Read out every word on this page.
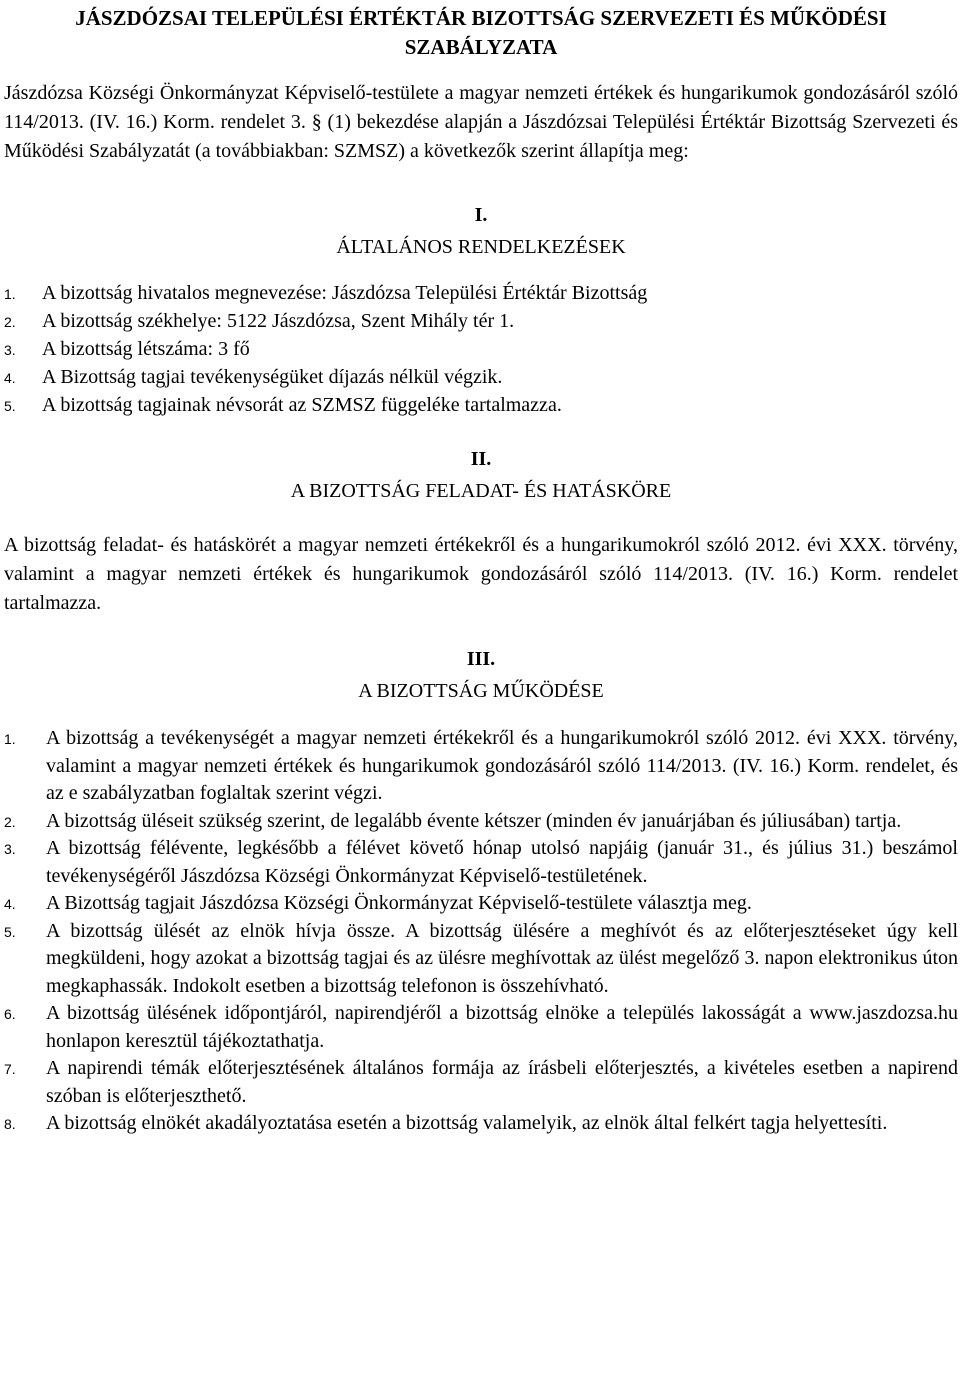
JÁSZDÓZSAI TELEPÜLÉSI ÉRTÉKTÁR BIZOTTSÁG SZERVEZETI ÉS MŰKÖDÉSI SZABÁLYZATA

Jászdózsa Községi Önkormányzat Képviselő-testülete a magyar nemzeti értékek és hungarikumok gondozásáról szóló 114/2013. (IV. 16.) Korm. rendelet 3. § (1) bekezdése alapján a Jászdózsai Települési Értéktár Bizottság Szervezeti és Működési Szabályzatát (a továbbiakban: SZMSZ) a következők szerint állapítja meg:

I.
ÁLTALÁNOS RENDELKEZÉSEK
1. A bizottság hivatalos megnevezése: Jászdózsa Települési Értéktár Bizottság
2. A bizottság székhelye: 5122 Jászdózsa, Szent Mihály tér 1.
3. A bizottság létszáma: 3 fő
4. A Bizottság tagjai tevékenységüket díjazás nélkül végzik.
5. A bizottság tagjainak névsorát az SZMSZ függeléke tartalmazza.
II.
A BIZOTTSÁG FELADAT- ÉS HATÁSKÖRE

A bizottság feladat- és hatáskörét a magyar nemzeti értékekről és a hungarikumokról szóló 2012. évi XXX. törvény, valamint a magyar nemzeti értékek és hungarikumok gondozásáról szóló 114/2013. (IV. 16.) Korm. rendelet tartalmazza.

III.
A BIZOTTSÁG MŰKÖDÉSE
1. A bizottság a tevékenységét a magyar nemzeti értékekről és a hungarikumokról szóló 2012. évi XXX. törvény, valamint a magyar nemzeti értékek és hungarikumok gondozásáról szóló 114/2013. (IV. 16.) Korm. rendelet, és az e szabályzatban foglaltak szerint végzi.
2. A bizottság üléseit szükség szerint, de legalább évente kétszer (minden év januárjában és júliusában) tartja.
3. A bizottság félévente, legkésőbb a félévet követő hónap utolsó napjáig (január 31., és július 31.) beszámol tevékenységéről Jászdózsa Községi Önkormányzat Képviselő-testületének.
4. A Bizottság tagjait Jászdózsa Községi Önkormányzat Képviselő-testülete választja meg.
5. A bizottság ülését az elnök hívja össze. A bizottság ülésére a meghívót és az előterjesztéseket úgy kell megküldeni, hogy azokat a bizottság tagjai és az ülésre meghívottak az ülést megelőző 3. napon elektronikus úton megkaphassák. Indokolt esetben a bizottság telefonon is összehívható.
6. A bizottság ülésének időpontjáról, napirendjéről a bizottság elnöke a település lakosságát a www.jaszdozsa.hu honlapon keresztül tájékoztathatja.
7. A napirendi témák előterjesztésének általános formája az írásbeli előterjesztés, a kivételes esetben a napirend szóban is előterjeszthető.
8. A bizottság elnökét akadályoztatása esetén a bizottság valamelyik, az elnök által felkért tagja helyettesíti.
